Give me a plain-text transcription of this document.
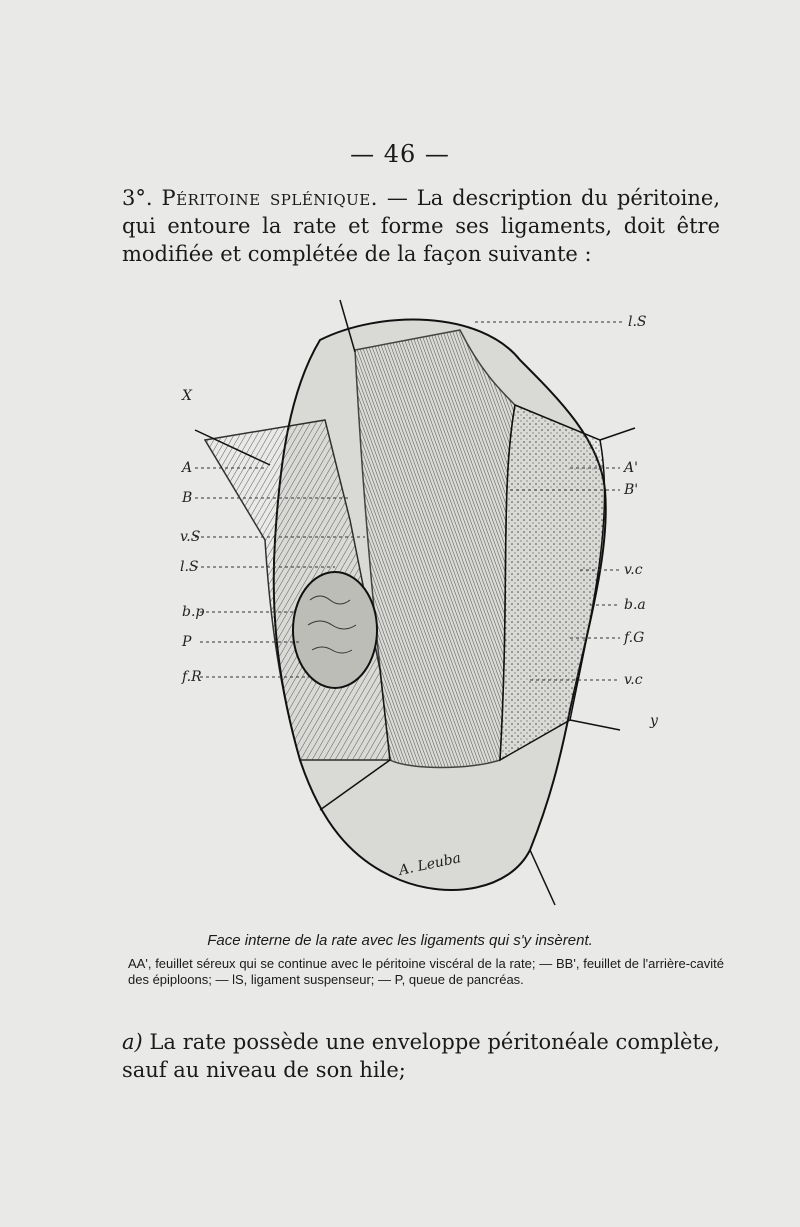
— 46 —
3°. Péritoine splénique. — La description du péritoine, qui entoure la rate et forme ses ligaments, doit être modifiée et complétée de la façon suivante :
X
A
B
v.S
l.S
b.p
P
f.R
l.S
A'
B'
v.c
b.a
f.G
v.c
y
A. Leuba
Face interne de la rate avec les ligaments qui s'y insèrent.
AA', feuillet séreux qui se continue avec le péritoine viscéral de la rate; — BB', feuillet de l'arrière-cavité des épiploons; — lS, ligament suspenseur; — P, queue de pancréas.
a) La rate possède une enveloppe péritonéale complète, sauf au niveau de son hile;
